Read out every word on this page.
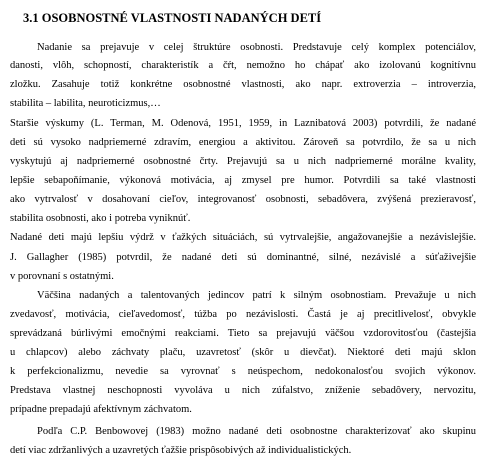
3.1 OSOBNOSTNÉ VLASTNOSTI NADANÝCH DETÍ
Nadanie sa prejavuje v celej štruktúre osobnosti. Predstavuje celý komplex potenciálov,
danosti, vlôh, schopností, charakteristík a čŕt, nemožno ho chápať ako izolovanú kognitívnu
zložku. Zasahuje totiž konkrétne osobnostné vlastnosti, ako napr. extroverzia – introverzia,
stabilita – labilita, neuroticizmus,…
Staršie výskumy (L. Terman, M. Odenová, 1951, 1959, in Laznibatová 2003) potvrdili, že nadané
deti sú vysoko nadpriemerné zdravím, energiou a aktivitou. Zároveň sa potvrdilo, že sa u nich
vyskytujú aj nadpriemerné osobnostné črty. Prejavujú sa u nich nadpriemerné morálne kvality,
lepšie sebapoňímanie, výkonová motivácia, aj zmysel pre humor. Potvrdili sa také vlastnosti
ako vytrvalosť v dosahovaní cieľov, integrovanosť osobnosti, sebadôvera, zvýšená prezieravosť,
stabilita osobnosti, ako i potreba vyniknúť.
Nadané deti majú lepšiu výdrž v ťažkých situáciách, sú vytrvalejšie, angažovanejšie a nezávislejšie.
J. Gallagher (1985) potvrdil, že nadané deti sú dominantné, silné, nezávislé a súťaživejšie
v porovnaní s ostatnými.
Väčšina nadaných a talentovaných jedincov patrí k silným osobnostiam. Prevažuje u nich
zvedavosť, motivácia, cieľavedomosť, túžba po nezávislosti. Častá je aj precitlivelosť, obvykle
sprevádzaná búrlivými emočnými reakciami. Tieto sa prejavujú väčšou vzdorovitosťou (častejšia
u chlapcov) alebo záchvaty plaču, uzavretosť (skôr u dievčat). Niektoré deti majú sklon
k perfekcionalizmu, nevedie sa vyrovnať s neúspechom, nedokonalosťou svojich výkonov.
Predstava vlastnej neschopnosti vyvoláva u nich zúfalstvo, zníženie sebadôvery, nervozitu,
prípadne prepadajú afektívnym záchvatom.
Podľa C.P. Benbowovej (1983) možno nadané deti osobnostne charakterizovať ako skupinu
detí viac zdržanlivých a uzavretých ťažšie prispôsobivých až individualistických.
